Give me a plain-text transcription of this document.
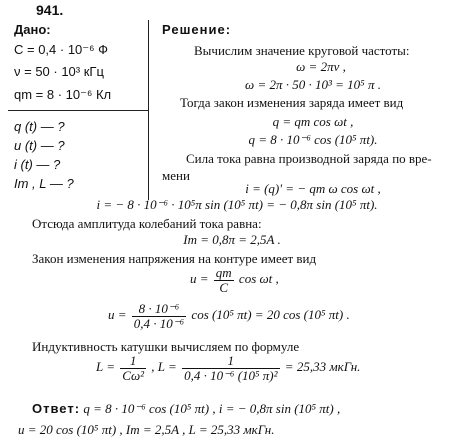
941.
Дано:
C = 0,4 · 10⁻⁶ Ф
ν = 50 · 10³ кГц
qm = 8 · 10⁻⁶ Кл
q (t) — ?
u (t) — ?
i (t) — ?
Im , L — ?
Решение:
Вычислим значение круговой частоты:
ω = 2πν ,
ω = 2π · 50 · 10³ = 10⁵ π .
Тогда закон изменения заряда имеет вид
q = qm cos ωt ,
q = 8 · 10⁻⁶ cos (10⁵ πt).
Сила тока равна производной заряда по вре-
мени
i = (q)' = − qm ω cos ωt ,
i = − 8 · 10⁻⁶ · 10⁵π sin (10⁵ πt) = − 0,8π sin (10⁵ πt).
Отсюда амплитуда колебаний тока равна:
Im = 0,8π = 2,5A .
Закон изменения напряжения на контуре имеет вид
$u = \frac{qm}{C}$ cos ωt ,
$u = \frac{\text{8 · 10⁻⁶}}{\text{0,4 · 10⁻⁶}}$ cos (10⁵ πt) = 20 cos (10⁵ πt) .
Индуктивность катушки вычисляем по формуле
$L = \frac{1}{\text{Cω²}}$ , $L = \frac{1}{\text{0,4 · 10⁻⁶ (10⁵ π)²}} = 25,33$ мкГн.
Ответ: q = 8 · 10⁻⁶ cos (10⁵ πt) , i = − 0,8π sin (10⁵ πt) ,
u = 20 cos (10⁵ πt) , Im = 2,5A , L = 25,33 мкГн.
